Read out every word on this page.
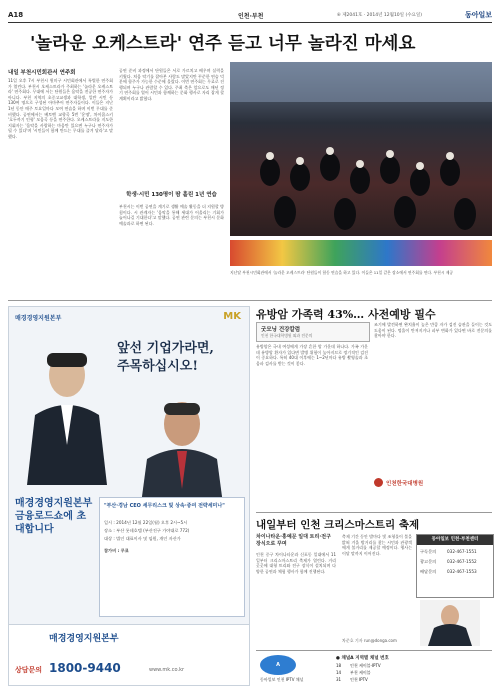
A18	인천·부천	⑥ 제2041호 · 2014년 12월10일 (수요일)	동아일보
'놀라운 오케스트라' 연주 듣고 너무 놀라진 마세요
내일 부천시민회관서 연주회
11일 오후 7시 부천시 원미구 시민회관에서 특별한 연주회가 열린다. 부천시 오케스트라가 주최하는 '놀라운 오케스트라' 연주회다. 무대에 서는 단원들은 음악을 전공한 연주자가 아니다. 부천 지역의 초중고교생과 대학생, 일반 시민 등 130여 명으로 구성된 아마추어 연주자들이다. 이들은 지난 1년 동안 매주 토요일마다 모여 연습을 하며 이번 무대를 준비했다. 공연에서는 베토벤 교향곡 5번 '운명', 차이콥스키 '호두까기 인형' 모음곡 등을 연주한다. 오케스트라를 지도한 지휘자는 '음악을 사랑하는 마음만 있으면 누구나 연주자가 될 수 있다'며 '시민들이 함께 만드는 무대를 즐겨 달라'고 말했다.
공연 준비 과정에서 단원들은 서로 가르치고 배우며 실력을 키웠다. 처음 악기를 잡아본 사람도 많았지만 꾸준한 연습 덕분에 합주가 가능한 수준에 올랐다. 이번 연주회는 무료로 진행되며 누구나 관람할 수 있다. 주최 측은 앞으로도 매년 정기 연주회를 열어 시민과 함께하는 문화 행사로 자리 잡게 할 계획이라고 밝혔다.
학생·시민 130명이 땀 흘린 1년 연습
부천시는 이번 공연을 계기로 생활 예술 활동을 더 지원할 방침이다. 시 관계자는 '음악을 통해 세대가 어울리는 기회가 늘어나길 기대한다'고 말했다. 공연 관련 문의는 부천시 문화예술과로 하면 된다.
지난달 부천시민회관에서 '놀라운 오케스트라' 단원들이 합동 연습을 하고 있다. 이들은 11일 같은 장소에서 연주회를 연다. 부천시 제공
매경경영지원본부	MK
앞선 기업가라면,
주목하십시오!
매경경영지원본부 금융로드쇼에 초대합니다
"부산·경남 CEO 세무리스크 및 상속·증여 전략세미나"
일시 : 2014년 12월 22일(월) 오후 2시~5시
장소 : 부산 롯데호텔 (부산진구 가야대로 772)
대상 : 법인 대표이사 및 임원, 개인 자산가
참가비 : 무료
매경경영지원본부
상담문의 1800-9440	www.mk.co.kr
유방암 가족력 43%… 사전예방 필수
굿모닝 건강칼럼
인천 한국대학병원 외과 전문의
유방암은 국내 여성에게 가장 흔한 암 가운데 하나다. 가족 가운데 유방암 환자가 있다면 발병 위험이 높아지므로 정기적인 검진이 중요하다. 특히 40대 이후에는 1~2년마다 유방 촬영술과 초음파 검사를 받는 것이 좋다.
조기에 발견하면 완치율이 높은 만큼 자가 검진 습관을 들이는 것도 도움이 된다. 멍울이 만져지거나 피부 변화가 있다면 바로 전문의를 찾아야 한다.
인천한국대병원
내일부터 인천 크리스마스트리 축제
차이나타운·홍예문 일대 트리·전구 장식으로 꾸며
인천 중구 차이나타운과 신포동 일대에서 11일부터 크리스마스트리 축제가 열린다. 거리 곳곳에 대형 트리와 전구 장식이 설치되며 다양한 공연과 체험 행사가 함께 진행된다.
축제 기간 동안 밤마다 빛 조형물이 불을 밝혀 겨울 밤거리를 찾는 시민과 관광객에게 볼거리를 제공할 예정이다. 행사는 이달 말까지 이어진다.
차준호 기자 run@donga.com
동아일보 인천·부천센터
구독문의	032-467-1551
광고문의	032-467-1552
배달문의	032-467-1553
A
동아일보 인천 IPTV 채널
● 채널A 지역별 채널 번호
18 인천 케이블·IPTV
14 부천 케이블
31 인천 IPTV
